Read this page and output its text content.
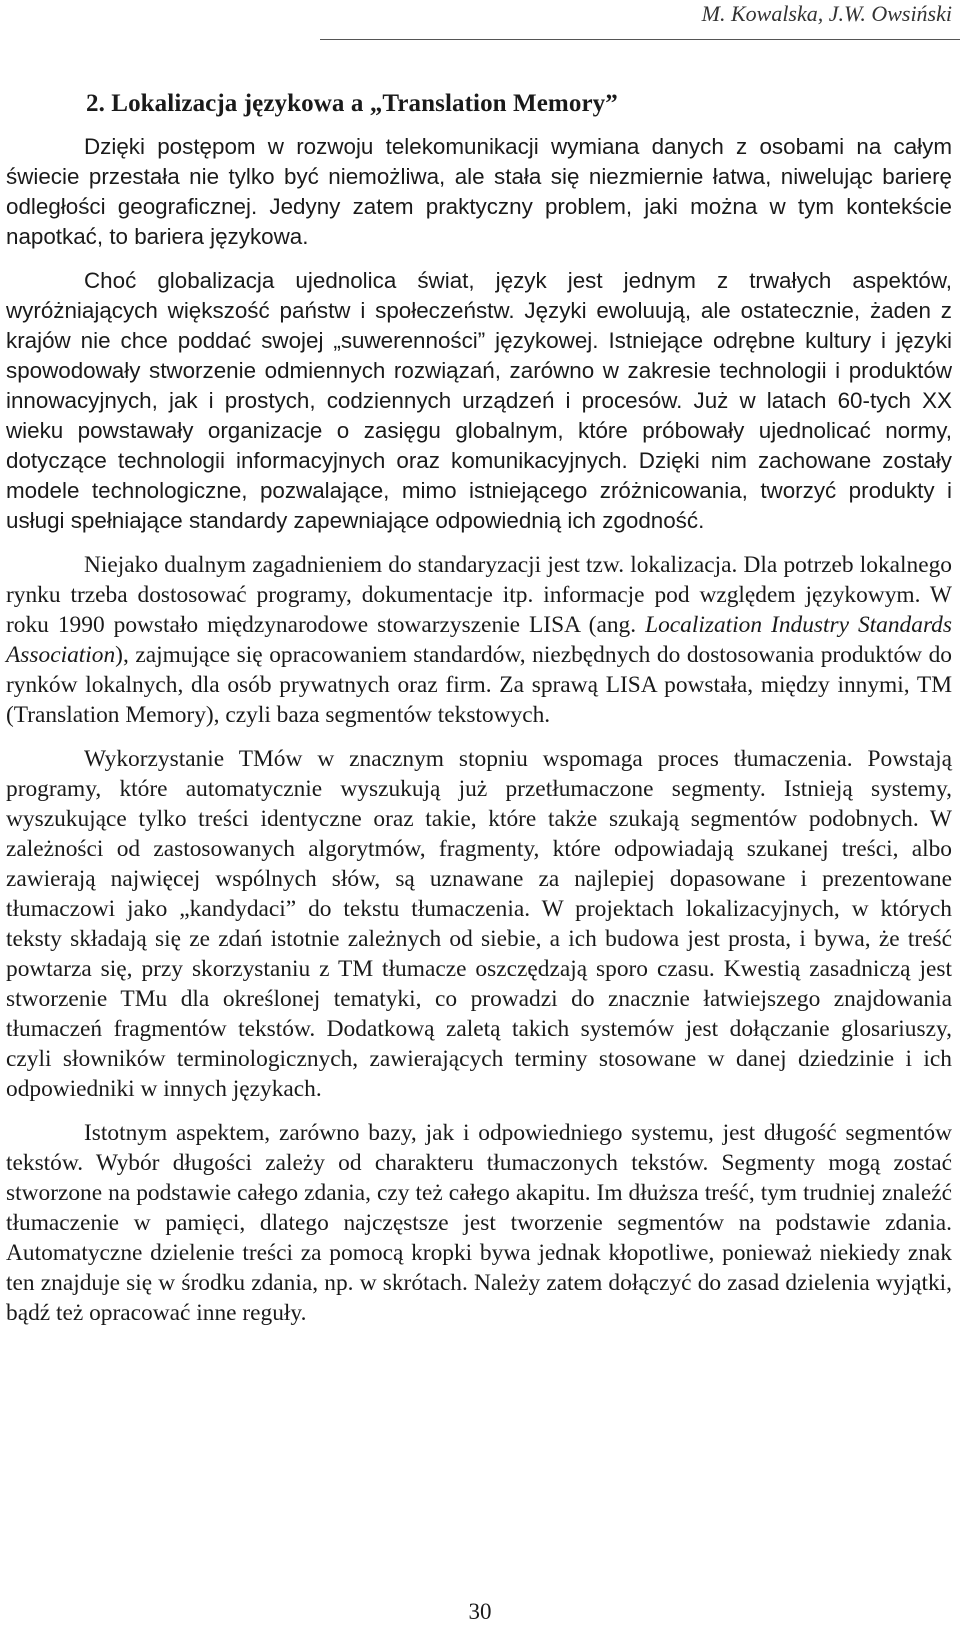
M. Kowalska, J.W. Owsiński
2. Lokalizacja językowa a „Translation Memory”

Dzięki postępom w rozwoju telekomunikacji wymiana danych z osobami na całym świecie przestała nie tylko być niemożliwa, ale stała się niezmiernie łatwa, niwelując barierę odległości geograficznej. Jedyny zatem praktyczny problem, jaki można w tym kontekście napotkać, to bariera językowa.

Choć globalizacja ujednolica świat, język jest jednym z trwałych aspektów, wyróżniających większość państw i społeczeństw. Języki ewoluują, ale ostatecznie, żaden z krajów nie chce poddać swojej „suwerenności” językowej. Istniejące odrębne kultury i języki spowodowały stworzenie odmiennych rozwiązań, zarówno w zakresie technologii i produktów innowacyjnych, jak i prostych, codziennych urządzeń i procesów. Już w latach 60-tych XX wieku powstawały organizacje o zasięgu globalnym, które próbowały ujednolicać normy, dotyczące technologii informacyjnych oraz komunikacyjnych. Dzięki nim zachowane zostały modele technologiczne, pozwalające, mimo istniejącego zróżnicowania, tworzyć produkty i usługi spełniające standardy zapewniające odpowiednią ich zgodność.

Niejako dualnym zagadnieniem do standaryzacji jest tzw. lokalizacja. Dla potrzeb lokalnego rynku trzeba dostosować programy, dokumentacje itp. informacje pod względem językowym. W roku 1990 powstało międzynarodowe stowarzyszenie LISA (ang. Localization Industry Standards Association), zajmujące się opracowaniem standardów, niezbędnych do dostosowania produktów do rynków lokalnych, dla osób prywatnych oraz firm. Za sprawą LISA powstała, między innymi, TM (Translation Memory), czyli baza segmentów tekstowych.

Wykorzystanie TMów w znacznym stopniu wspomaga proces tłumaczenia. Powstają programy, które automatycznie wyszukują już przetłumaczone segmenty. Istnieją systemy, wyszukujące tylko treści identyczne oraz takie, które także szukają segmentów podobnych. W zależności od zastosowanych algorytmów, fragmenty, które odpowiadają szukanej treści, albo zawierają najwięcej wspólnych słów, są uznawane za najlepiej dopasowane i prezentowane tłumaczowi jako „kandydaci” do tekstu tłumaczenia. W projektach lokalizacyjnych, w których teksty składają się ze zdań istotnie zależnych od siebie, a ich budowa jest prosta, i bywa, że treść powtarza się, przy skorzystaniu z TM tłumacze oszczędzają sporo czasu. Kwestią zasadniczą jest stworzenie TMu dla określonej tematyki, co prowadzi do znacznie łatwiejszego znajdowania tłumaczeń fragmentów tekstów. Dodatkową zaletą takich systemów jest dołączanie glosariuszy, czyli słowników terminologicznych, zawierających terminy stosowane w danej dziedzinie i ich odpowiedniki w innych językach.

Istotnym aspektem, zarówno bazy, jak i odpowiedniego systemu, jest długość segmentów tekstów. Wybór długości zależy od charakteru tłumaczonych tekstów. Segmenty mogą zostać stworzone na podstawie całego zdania, czy też całego akapitu. Im dłuższa treść, tym trudniej znaleźć tłumaczenie w pamięci, dlatego najczęstsze jest tworzenie segmentów na podstawie zdania. Automatyczne dzielenie treści za pomocą kropki bywa jednak kłopotliwe, ponieważ niekiedy znak ten znajduje się w środku zdania, np. w skrótach. Należy zatem dołączyć do zasad dzielenia wyjątki, bądź też opracować inne reguły.

30
